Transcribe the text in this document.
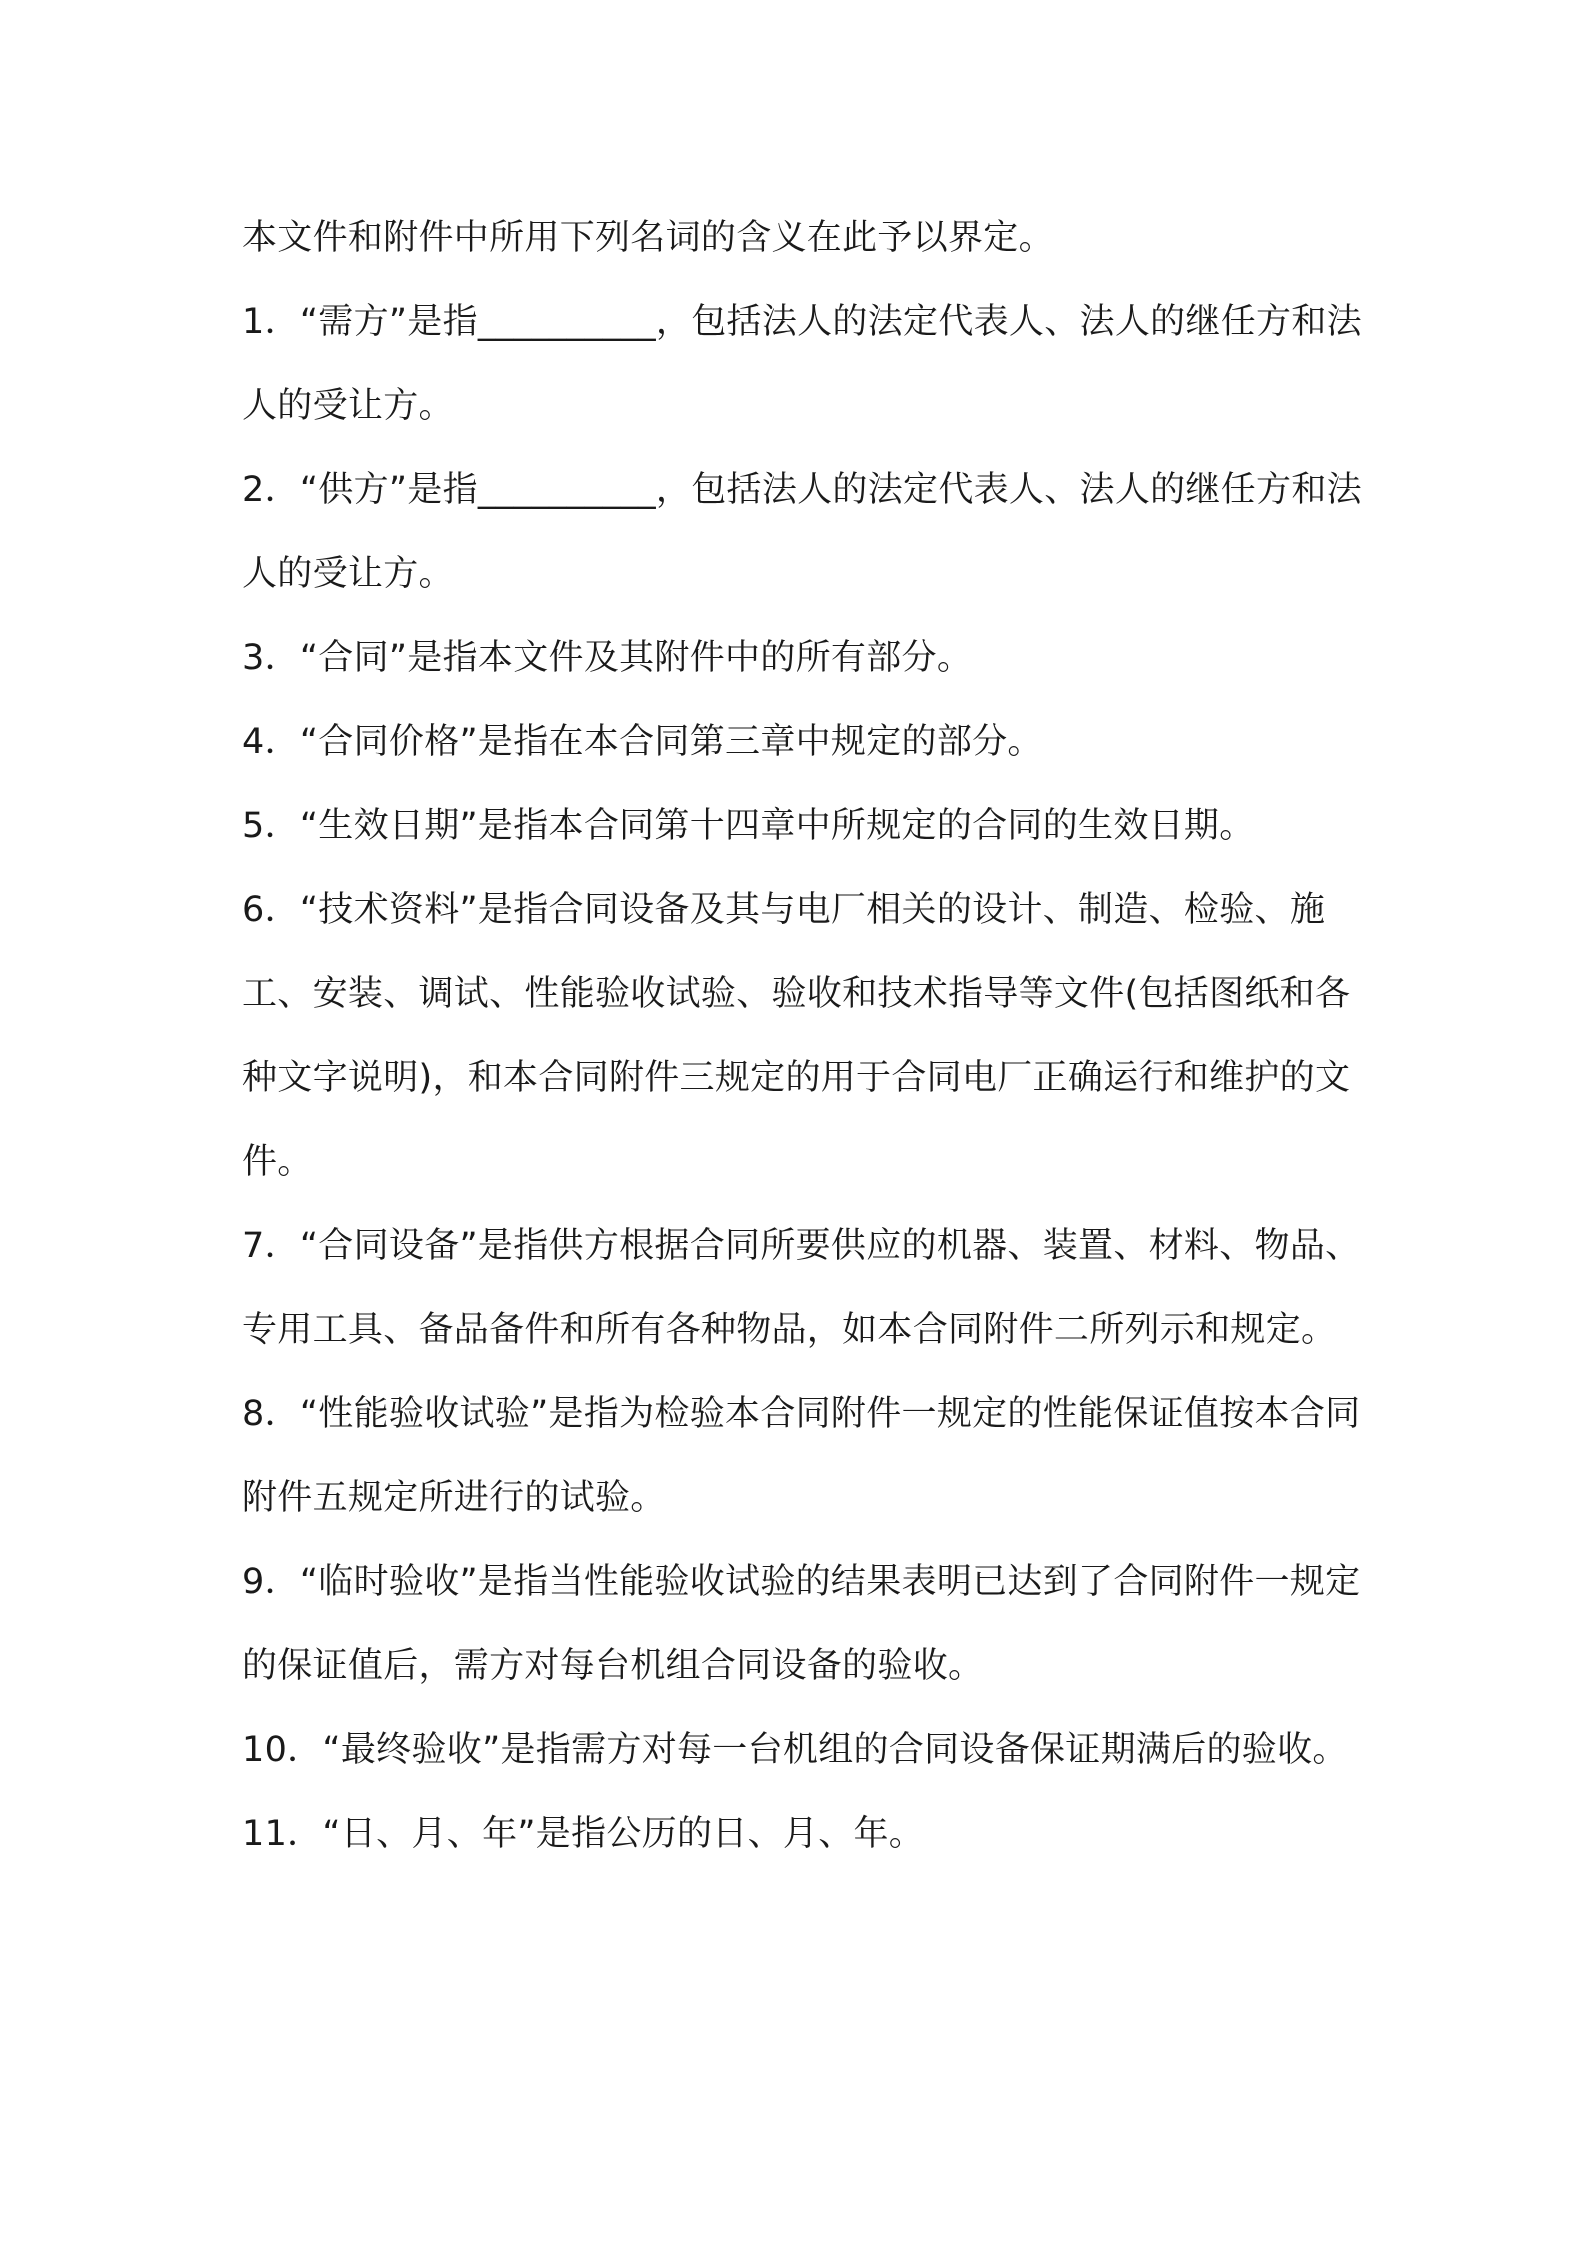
本文件和附件中所用下列名词的含义在此予以界定。

1．“需方”是指__________，包括法人的法定代表人、法人的继任方和法人的受让方。

2．“供方”是指__________，包括法人的法定代表人、法人的继任方和法人的受让方。

3．“合同”是指本文件及其附件中的所有部分。

4．“合同价格”是指在本合同第三章中规定的部分。

5．“生效日期”是指本合同第十四章中所规定的合同的生效日期。

6．“技术资料”是指合同设备及其与电厂相关的设计、制造、检验、施工、安装、调试、性能验收试验、验收和技术指导等文件(包括图纸和各种文字说明)，和本合同附件三规定的用于合同电厂正确运行和维护的文件。

7．“合同设备”是指供方根据合同所要供应的机器、装置、材料、物品、专用工具、备品备件和所有各种物品，如本合同附件二所列示和规定。

8．“性能验收试验”是指为检验本合同附件一规定的性能保证值按本合同附件五规定所进行的试验。

9．“临时验收”是指当性能验收试验的结果表明已达到了合同附件一规定的保证值后，需方对每台机组合同设备的验收。

10．“最终验收”是指需方对每一台机组的合同设备保证期满后的验收。

11．“日、月、年”是指公历的日、月、年。
